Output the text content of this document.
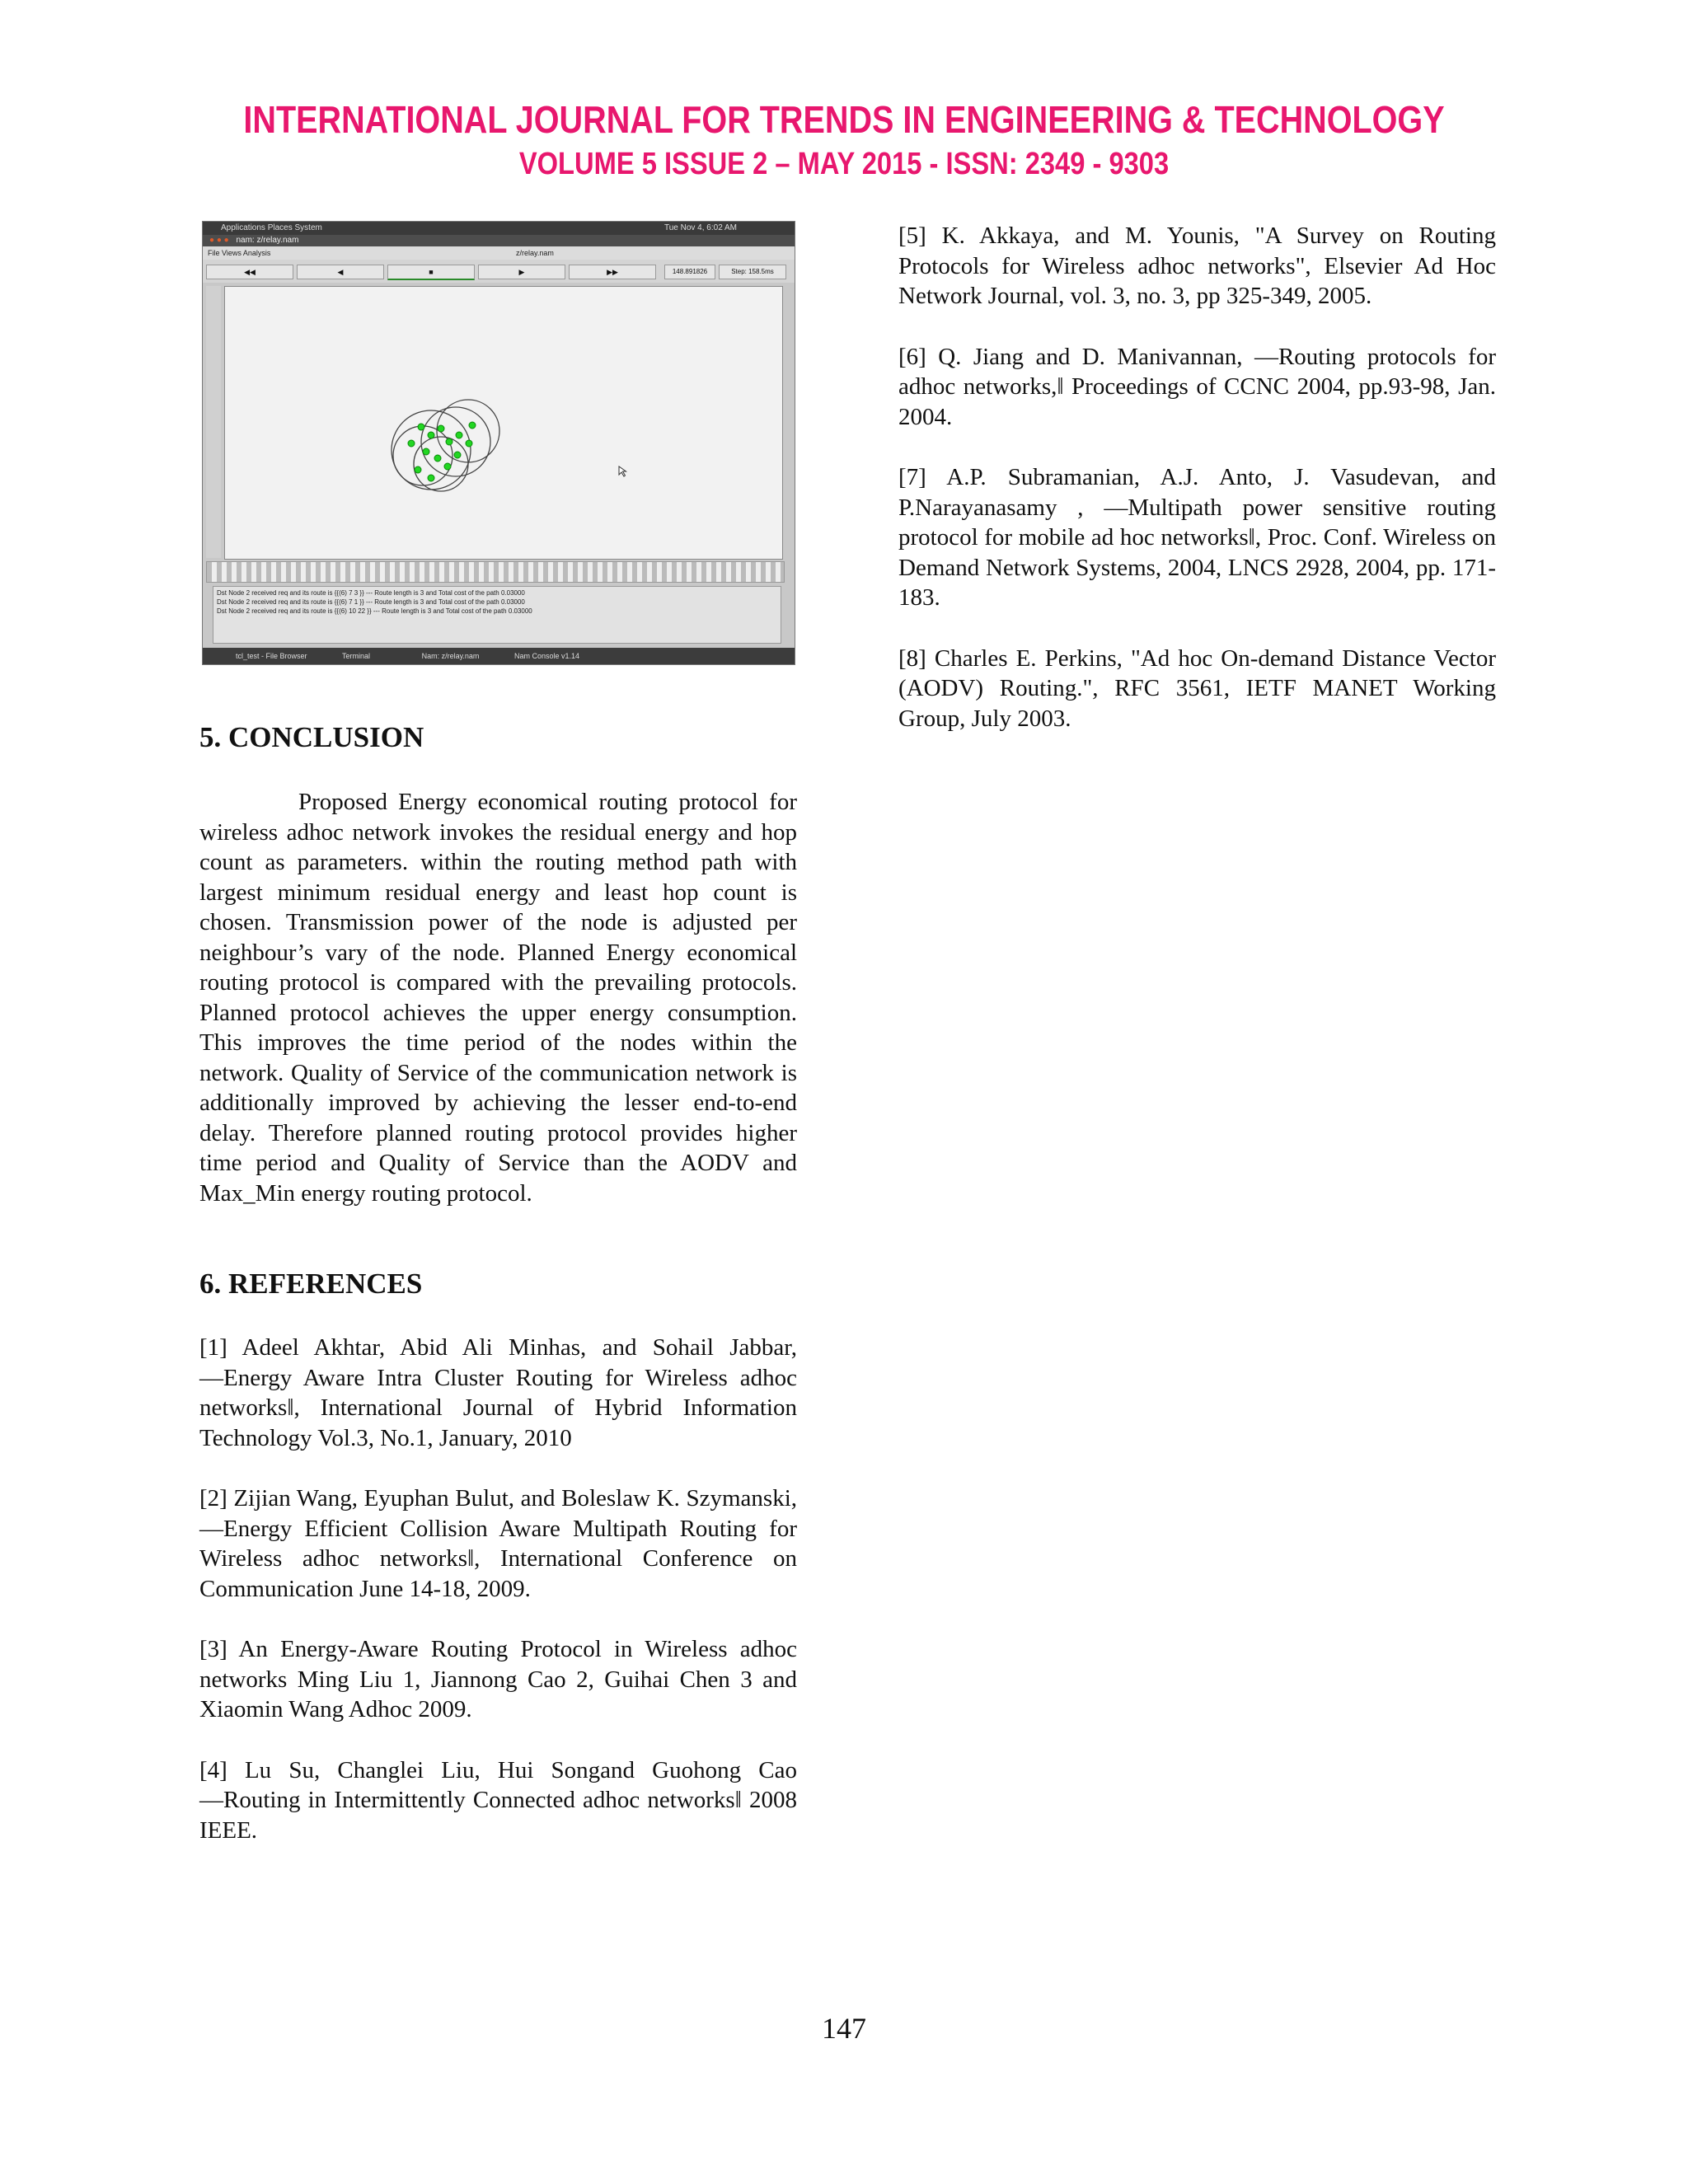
INTERNATIONAL JOURNAL FOR TRENDS IN ENGINEERING & TECHNOLOGY
VOLUME 5 ISSUE 2 – MAY 2015 - ISSN: 2349 - 9303
Applications Places System	Tue Nov 4, 6:02 AM
● ● ● nam: z/relay.nam
File Views Analysis	z/relay.nam
◀◀	◀	■	▶	▶▶	148.891826	Step: 158.5ms
Dst Node 2 received req and its route is {{(6) 7 3 }} --- Route length is 3 and Total cost of the path 0.03000
Dst Node 2 received req and its route is {{(6) 7 1 }} --- Route length is 3 and Total cost of the path 0.03000
Dst Node 2 received req and its route is {{(6) 10 22 }} --- Route length is 3 and Total cost of the path 0.03000
tcl_test - File Browser	Terminal	Nam: z/relay.nam	Nam Console v1.14
5. CONCLUSION

Proposed Energy economical routing protocol for wireless adhoc network invokes the residual energy and hop count as parameters. within the routing method path with largest minimum residual energy and least hop count is chosen. Transmission power of the node is adjusted per neighbour’s vary of the node. Planned Energy economical routing protocol is compared with the prevailing protocols. Planned protocol achieves the upper energy consumption. This improves the time period of the nodes within the network. Quality of Service of the communication network is additionally improved by achieving the lesser end-to-end delay. Therefore planned routing protocol provides higher time period and Quality of Service than the AODV and Max_Min energy routing protocol.

6. REFERENCES

[1] Adeel Akhtar, Abid Ali Minhas, and Sohail Jabbar, ―Energy Aware Intra Cluster Routing for Wireless adhoc networks‖, International Journal of Hybrid Information Technology Vol.3, No.1, January, 2010

[2] Zijian Wang, Eyuphan Bulut, and Boleslaw K. Szymanski, ―Energy Efficient Collision Aware Multipath Routing for Wireless adhoc networks‖, International Conference on Communication June 14-18, 2009.

[3] An Energy-Aware Routing Protocol in Wireless adhoc networks Ming Liu 1, Jiannong Cao 2, Guihai Chen 3 and Xiaomin Wang Adhoc 2009.

[4] Lu Su, Changlei Liu, Hui Songand Guohong Cao ―Routing in Intermittently Connected adhoc networks‖ 2008 IEEE.

[5] K. Akkaya, and M. Younis, "A Survey on Routing Protocols for Wireless adhoc networks", Elsevier Ad Hoc Network Journal, vol. 3, no. 3, pp 325-349, 2005.

[6] Q. Jiang and D. Manivannan, ―Routing protocols for adhoc networks,‖ Proceedings of CCNC 2004, pp.93-98, Jan. 2004.

[7] A.P. Subramanian, A.J. Anto, J. Vasudevan, and P.Narayanasamy , ―Multipath power sensitive routing protocol for mobile ad hoc networks‖, Proc. Conf. Wireless on Demand Network Systems, 2004, LNCS 2928, 2004, pp. 171-183.

[8] Charles E. Perkins, "Ad hoc On-demand Distance Vector (AODV) Routing.", RFC 3561, IETF MANET Working Group, July 2003.

147
